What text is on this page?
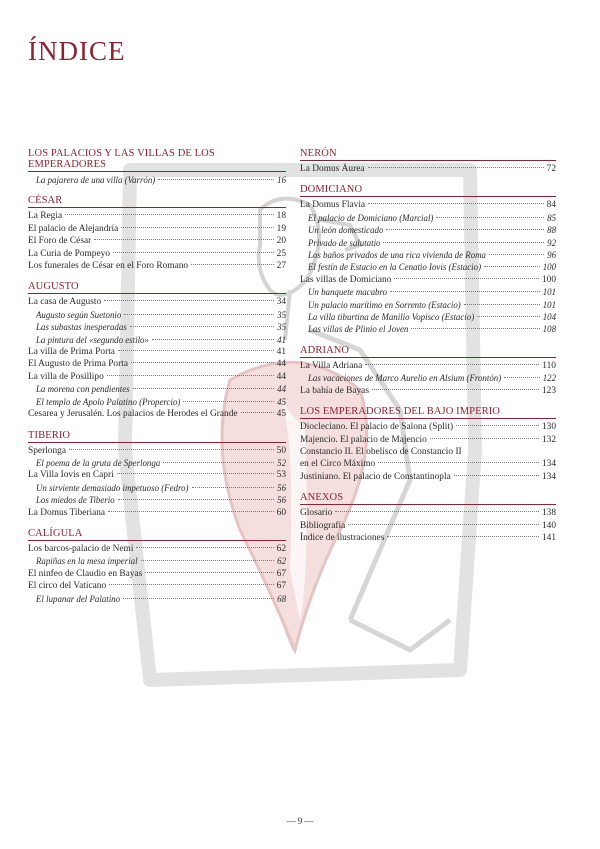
ÍNDICE
LOS PALACIOS Y LAS VILLAS DE LOS EMPERADORES
La pajarera de una villa (Varrón)	16
CÉSAR
La Regia	18
El palacio de Alejandría	19
El Foro de César	20
La Curia de Pompeyo	25
Los funerales de César en el Foro Romano	27
AUGUSTO
La casa de Augusto	34
Augusto según Suetonio	35
Las subastas inesperadas	35
La pintura del «segundo estilo»	41
La villa de Prima Porta	41
El Augusto de Prima Porta	44
La villa de Posillipo	44
La morena con pendientes	44
El templo de Apolo Palatino (Propercio)	45
Cesarea y Jerusalén. Los palacios de Herodes el Grande	45
TIBERIO
Sperlonga	50
El poema de la gruta de Sperlonga	52
La Villa Iovis en Capri	53
Un sirviente demasiado impetuoso (Fedro)	56
Los miedos de Tiberio	56
La Domus Tiberiana	60
CALÍGULA
Los barcos-palacio de Nemi	62
Rapiñas en la mesa imperial	62
El ninfeo de Claudio en Bayas	67
El circo del Vaticano	67
El lupanar del Palatino	68
NERÓN
La Domus Áurea	72
DOMICIANO
La Domus Flavia	84
El palacio de Domiciano (Marcial)	85
Un león domesticado	88
Privado de salutatio	92
Los baños privados de una rica vivienda de Roma	96
El festín de Estacio en la Cenatio Iovis (Estacio)	100
Las villas de Domiciano	100
Un banquete macabro	101
Un palacio marítimo en Sorrento (Estacio)	101
La villa tiburtina de Manilio Vopisco (Estacio)	104
Las villas de Plinio el Joven	108
ADRIANO
La Villa Adriana	110
Las vacaciones de Marco Aurelio en Alsium (Frontón)	122
La bahía de Bayas	123
LOS EMPERADORES DEL BAJO IMPERIO
Diocleciano. El palacio de Salona (Split)	130
Majencio. El palacio de Majencio	132
Constancio II. El obelisco de Constancio II
en el Circo Máximo	134
Justiniano. El palacio de Constantinopla	134
ANEXOS
Glosario	138
Bibliografía	140
Índice de ilustraciones	141
— 9 —
